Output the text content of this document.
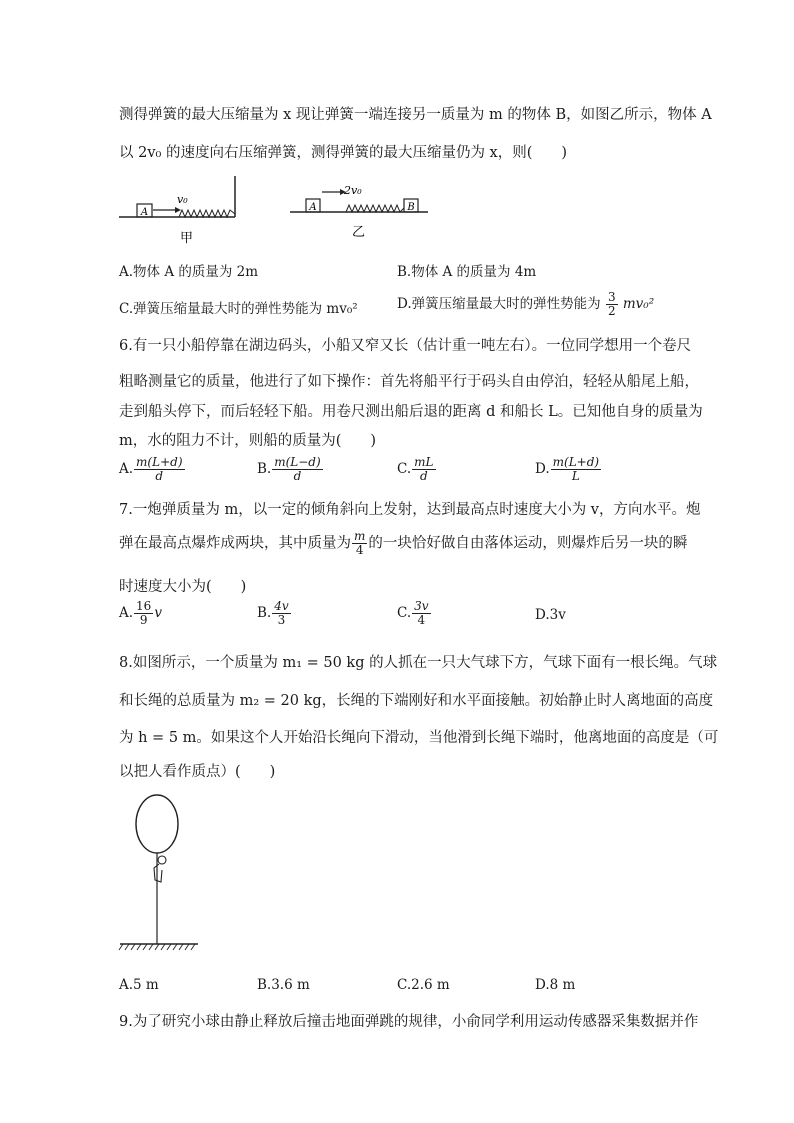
测得弹簧的最大压缩量为 x 现让弹簧一端连接另一质量为 m 的物体 B，如图乙所示，物体 A
以 2v₀ 的速度向右压缩弹簧，测得弹簧的最大压缩量仍为 x，则(　　)
A
v₀
甲
A	B
2v₀
乙
A.物体 A 的质量为 2m	B.物体 A 的质量为 4m
C.弹簧压缩量最大时的弹性势能为 mv₀²	D.弹簧压缩量最大时的弹性势能为 $\frac{3}{2} mv_0^2$
6.有一只小船停靠在湖边码头，小船又窄又长（估计重一吨左右）。一位同学想用一个卷尺
粗略测量它的质量，他进行了如下操作：首先将船平行于码头自由停泊，轻轻从船尾上船，
走到船头停下，而后轻轻下船。用卷尺测出船后退的距离 d 和船长 L。已知他自身的质量为
m，水的阻力不计，则船的质量为(　　)
A. $\frac{m(L+d)}{d}$	B. $\frac{m(L-d)}{d}$	C. $\frac{mL}{d}$	D. $\frac{m(L+d)}{L}$
7.一炮弹质量为 m，以一定的倾角斜向上发射，达到最高点时速度大小为 v，方向水平。炮
弹在最高点爆炸成两块，其中质量为 $\frac{m}{4}$ 的一块恰好做自由落体运动，则爆炸后另一块的瞬
时速度大小为(　　)
A. $\frac{16}{9}$ v	B. $\frac{4v}{3}$	C. $\frac{3v}{4}$	D.3v
8.如图所示，一个质量为 m₁ = 50 kg 的人抓在一只大气球下方，气球下面有一根长绳。气球
和长绳的总质量为 m₂ = 20 kg，长绳的下端刚好和水平面接触。初始静止时人离地面的高度
为 h = 5 m。如果这个人开始沿长绳向下滑动，当他滑到长绳下端时，他离地面的高度是（可
以把人看作质点）(　　)
A.5 m	B.3.6 m	C.2.6 m	D.8 m
9.为了研究小球由静止释放后撞击地面弹跳的规律，小俞同学利用运动传感器采集数据并作
